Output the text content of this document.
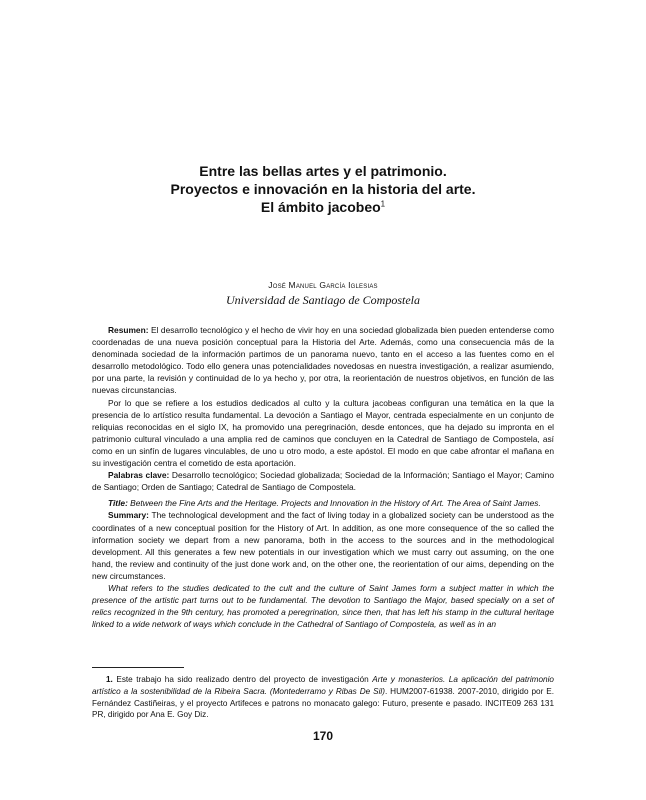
Entre las bellas artes y el patrimonio.
Proyectos e innovación en la historia del arte.
El ámbito jacobeo$^1$
José Manuel García Iglesias
Universidad de Santiago de Compostela

Resumen: El desarrollo tecnológico y el hecho de vivir hoy en una sociedad globalizada bien pueden entenderse como coordenadas de una nueva posición conceptual para la Historia del Arte. Además, como una consecuencia más de la denominada sociedad de la información partimos de un panorama nuevo, tanto en el acceso a las fuentes como en el desarrollo metodológico. Todo ello genera unas potencialidades novedosas en nuestra investigación, a realizar asumiendo, por una parte, la revisión y continuidad de lo ya hecho y, por otra, la reorientación de nuestros objetivos, en función de las nuevas circunstancias.

Por lo que se refiere a los estudios dedicados al culto y la cultura jacobeas configuran una temática en la que la presencia de lo artístico resulta fundamental. La devoción a Santiago el Mayor, centrada especialmente en un conjunto de reliquias reconocidas en el siglo IX, ha promovido una peregrinación, desde entonces, que ha dejado su impronta en el patrimonio cultural vinculado a una amplia red de caminos que concluyen en la Catedral de Santiago de Compostela, así como en un sinfín de lugares vinculables, de uno u otro modo, a este apóstol. El modo en que cabe afrontar el mañana en su investigación centra el cometido de esta aportación.

Palabras clave: Desarrollo tecnológico; Sociedad globalizada; Sociedad de la Información; Santiago el Mayor; Camino de Santiago; Orden de Santiago; Catedral de Santiago de Compostela.

Title: Between the Fine Arts and the Heritage. Projects and Innovation in the History of Art. The Area of Saint James.

Summary: The technological development and the fact of living today in a globalized society can be understood as the coordinates of a new conceptual position for the History of Art. In addition, as one more consequence of the so called the information society we depart from a new panorama, both in the access to the sources and in the methodological development. All this generates a few new potentials in our investigation which we must carry out assuming, on the one hand, the review and continuity of the just done work and, on the other one, the reorientation of our aims, depending on the new circumstances.

What refers to the studies dedicated to the cult and the culture of Saint James form a subject matter in which the presence of the artistic part turns out to be fundamental. The devotion to Santiago the Major, based specially on a set of relics recognized in the 9th century, has promoted a peregrination, since then, that has left his stamp in the cultural heritage linked to a wide network of ways which conclude in the Cathedral of Santiago of Compostela, as well as in an

1. Este trabajo ha sido realizado dentro del proyecto de investigación Arte y monasterios. La aplicación del patrimonio artístico a la sostenibilidad de la Ribeira Sacra. (Montederramo y Ribas De Sil). HUM2007-61938. 2007-2010, dirigido por E. Fernández Castiñeiras, y el proyecto Artifeces e patrons no monacato galego: Futuro, presente e pasado. INCITE09 263 131 PR, dirigido por Ana E. Goy Diz.

170
